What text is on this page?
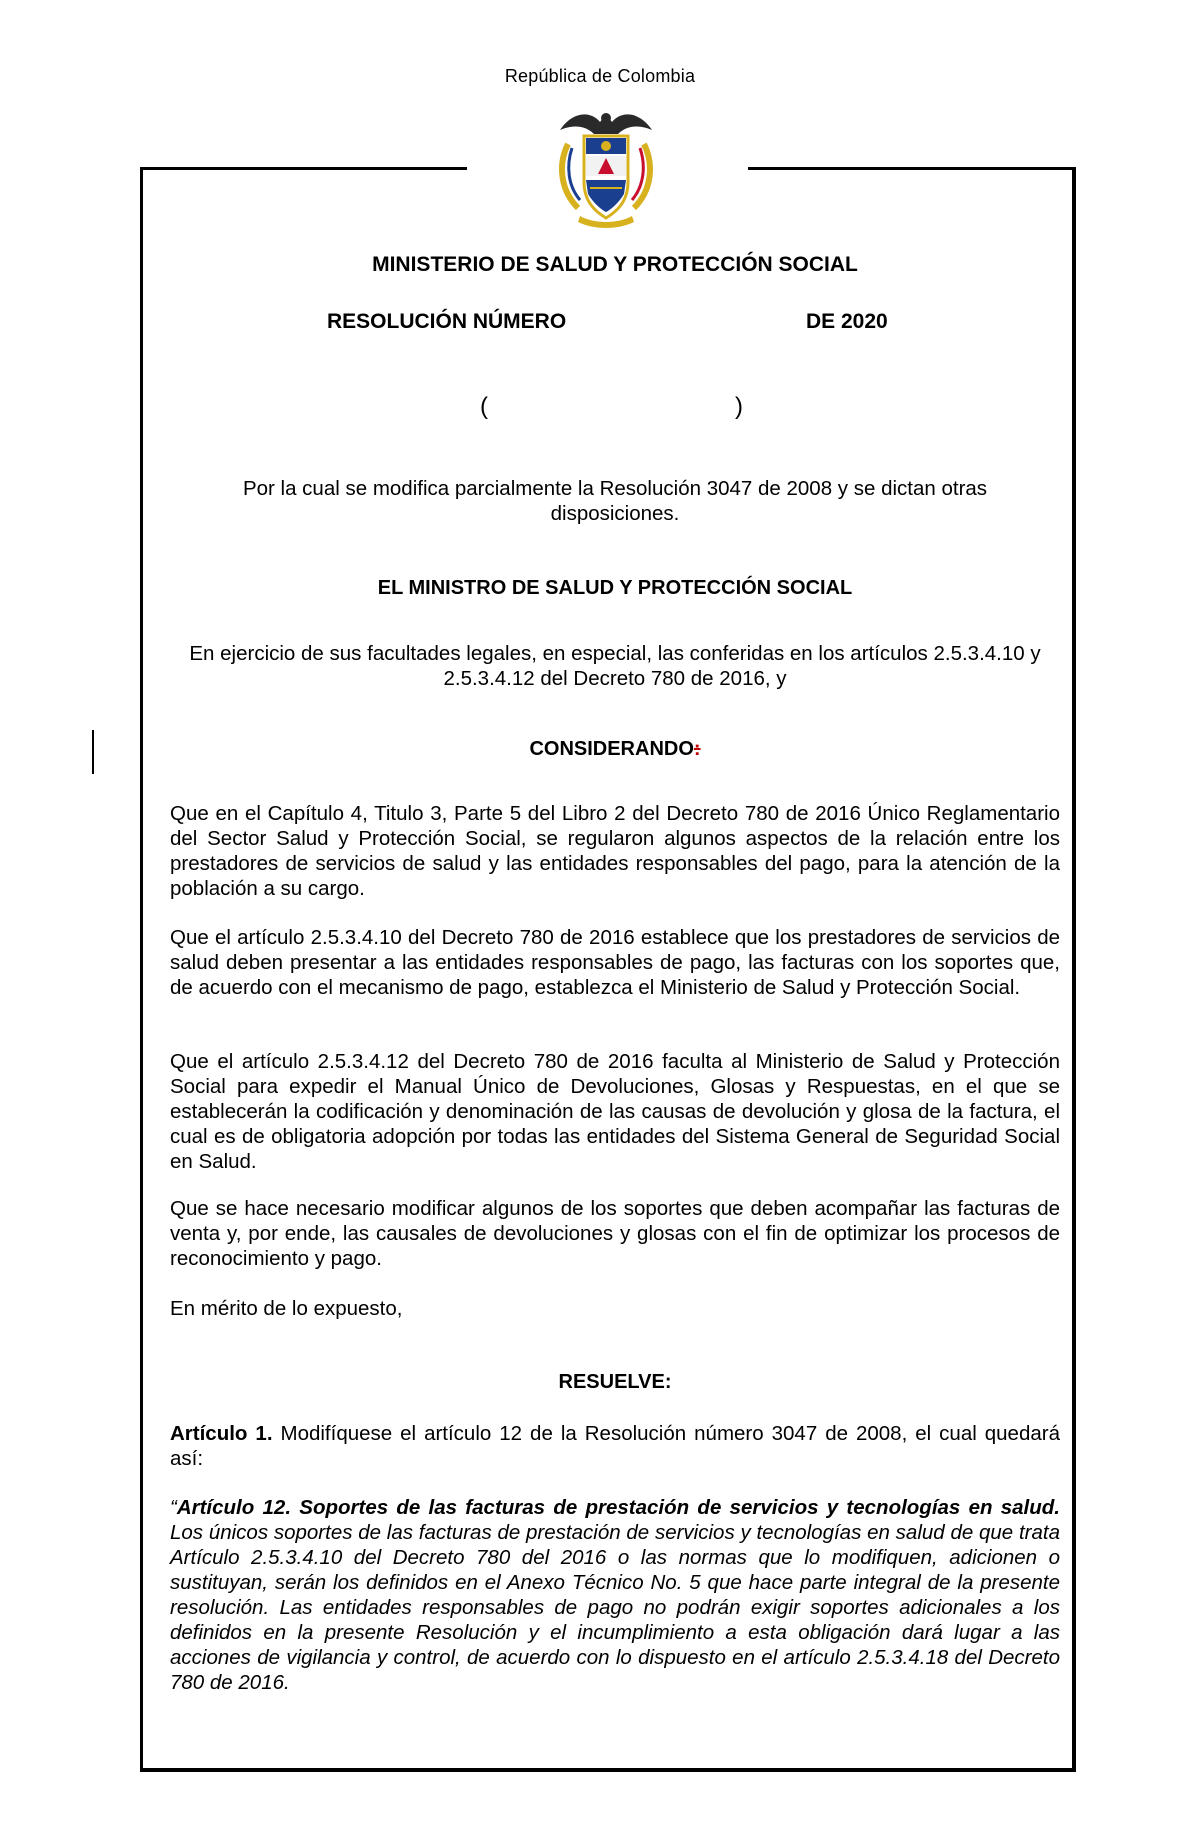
República de Colombia
MINISTERIO DE SALUD Y PROTECCIÓN SOCIAL
RESOLUCIÓN NÚMERO	DE 2020
(	)
Por la cual se modifica parcialmente la Resolución 3047 de 2008 y se dictan otras disposiciones.
EL MINISTRO DE SALUD Y PROTECCIÓN SOCIAL
En ejercicio de sus facultades legales, en especial, las conferidas en los artículos 2.5.3.4.10 y 2.5.3.4.12 del Decreto 780 de 2016, y
CONSIDERANDO:
Que en el Capítulo 4, Titulo 3, Parte 5 del Libro 2 del Decreto 780 de 2016 Único Reglamentario del Sector Salud y Protección Social, se regularon algunos aspectos de la relación entre los prestadores de servicios de salud y las entidades responsables del pago, para la atención de la población a su cargo.
Que el artículo 2.5.3.4.10 del Decreto 780 de 2016 establece que los prestadores de servicios de salud deben presentar a las entidades responsables de pago, las facturas con los soportes que, de acuerdo con el mecanismo de pago, establezca el Ministerio de Salud y Protección Social.
Que el artículo 2.5.3.4.12 del Decreto 780 de 2016 faculta al Ministerio de Salud y Protección Social para expedir el Manual Único de Devoluciones, Glosas y Respuestas, en el que se establecerán la codificación y denominación de las causas de devolución y glosa de la factura, el cual es de obligatoria adopción por todas las entidades del Sistema General de Seguridad Social en Salud.
Que se hace necesario modificar algunos de los soportes que deben acompañar las facturas de venta y, por ende, las causales de devoluciones y glosas con el fin de optimizar los procesos de reconocimiento y pago.
En mérito de lo expuesto,
RESUELVE:
Artículo 1. Modifíquese el artículo 12 de la Resolución número 3047 de 2008, el cual quedará así:
“Artículo 12. Soportes de las facturas de prestación de servicios y tecnologías en salud. Los únicos soportes de las facturas de prestación de servicios y tecnologías en salud de que trata Artículo 2.5.3.4.10 del Decreto 780 del 2016 o las normas que lo modifiquen, adicionen o sustituyan, serán los definidos en el Anexo Técnico No. 5 que hace parte integral de la presente resolución. Las entidades responsables de pago no podrán exigir soportes adicionales a los definidos en la presente Resolución y el incumplimiento a esta obligación dará lugar a las acciones de vigilancia y control, de acuerdo con lo dispuesto en el artículo 2.5.3.4.18 del Decreto 780 de 2016.
